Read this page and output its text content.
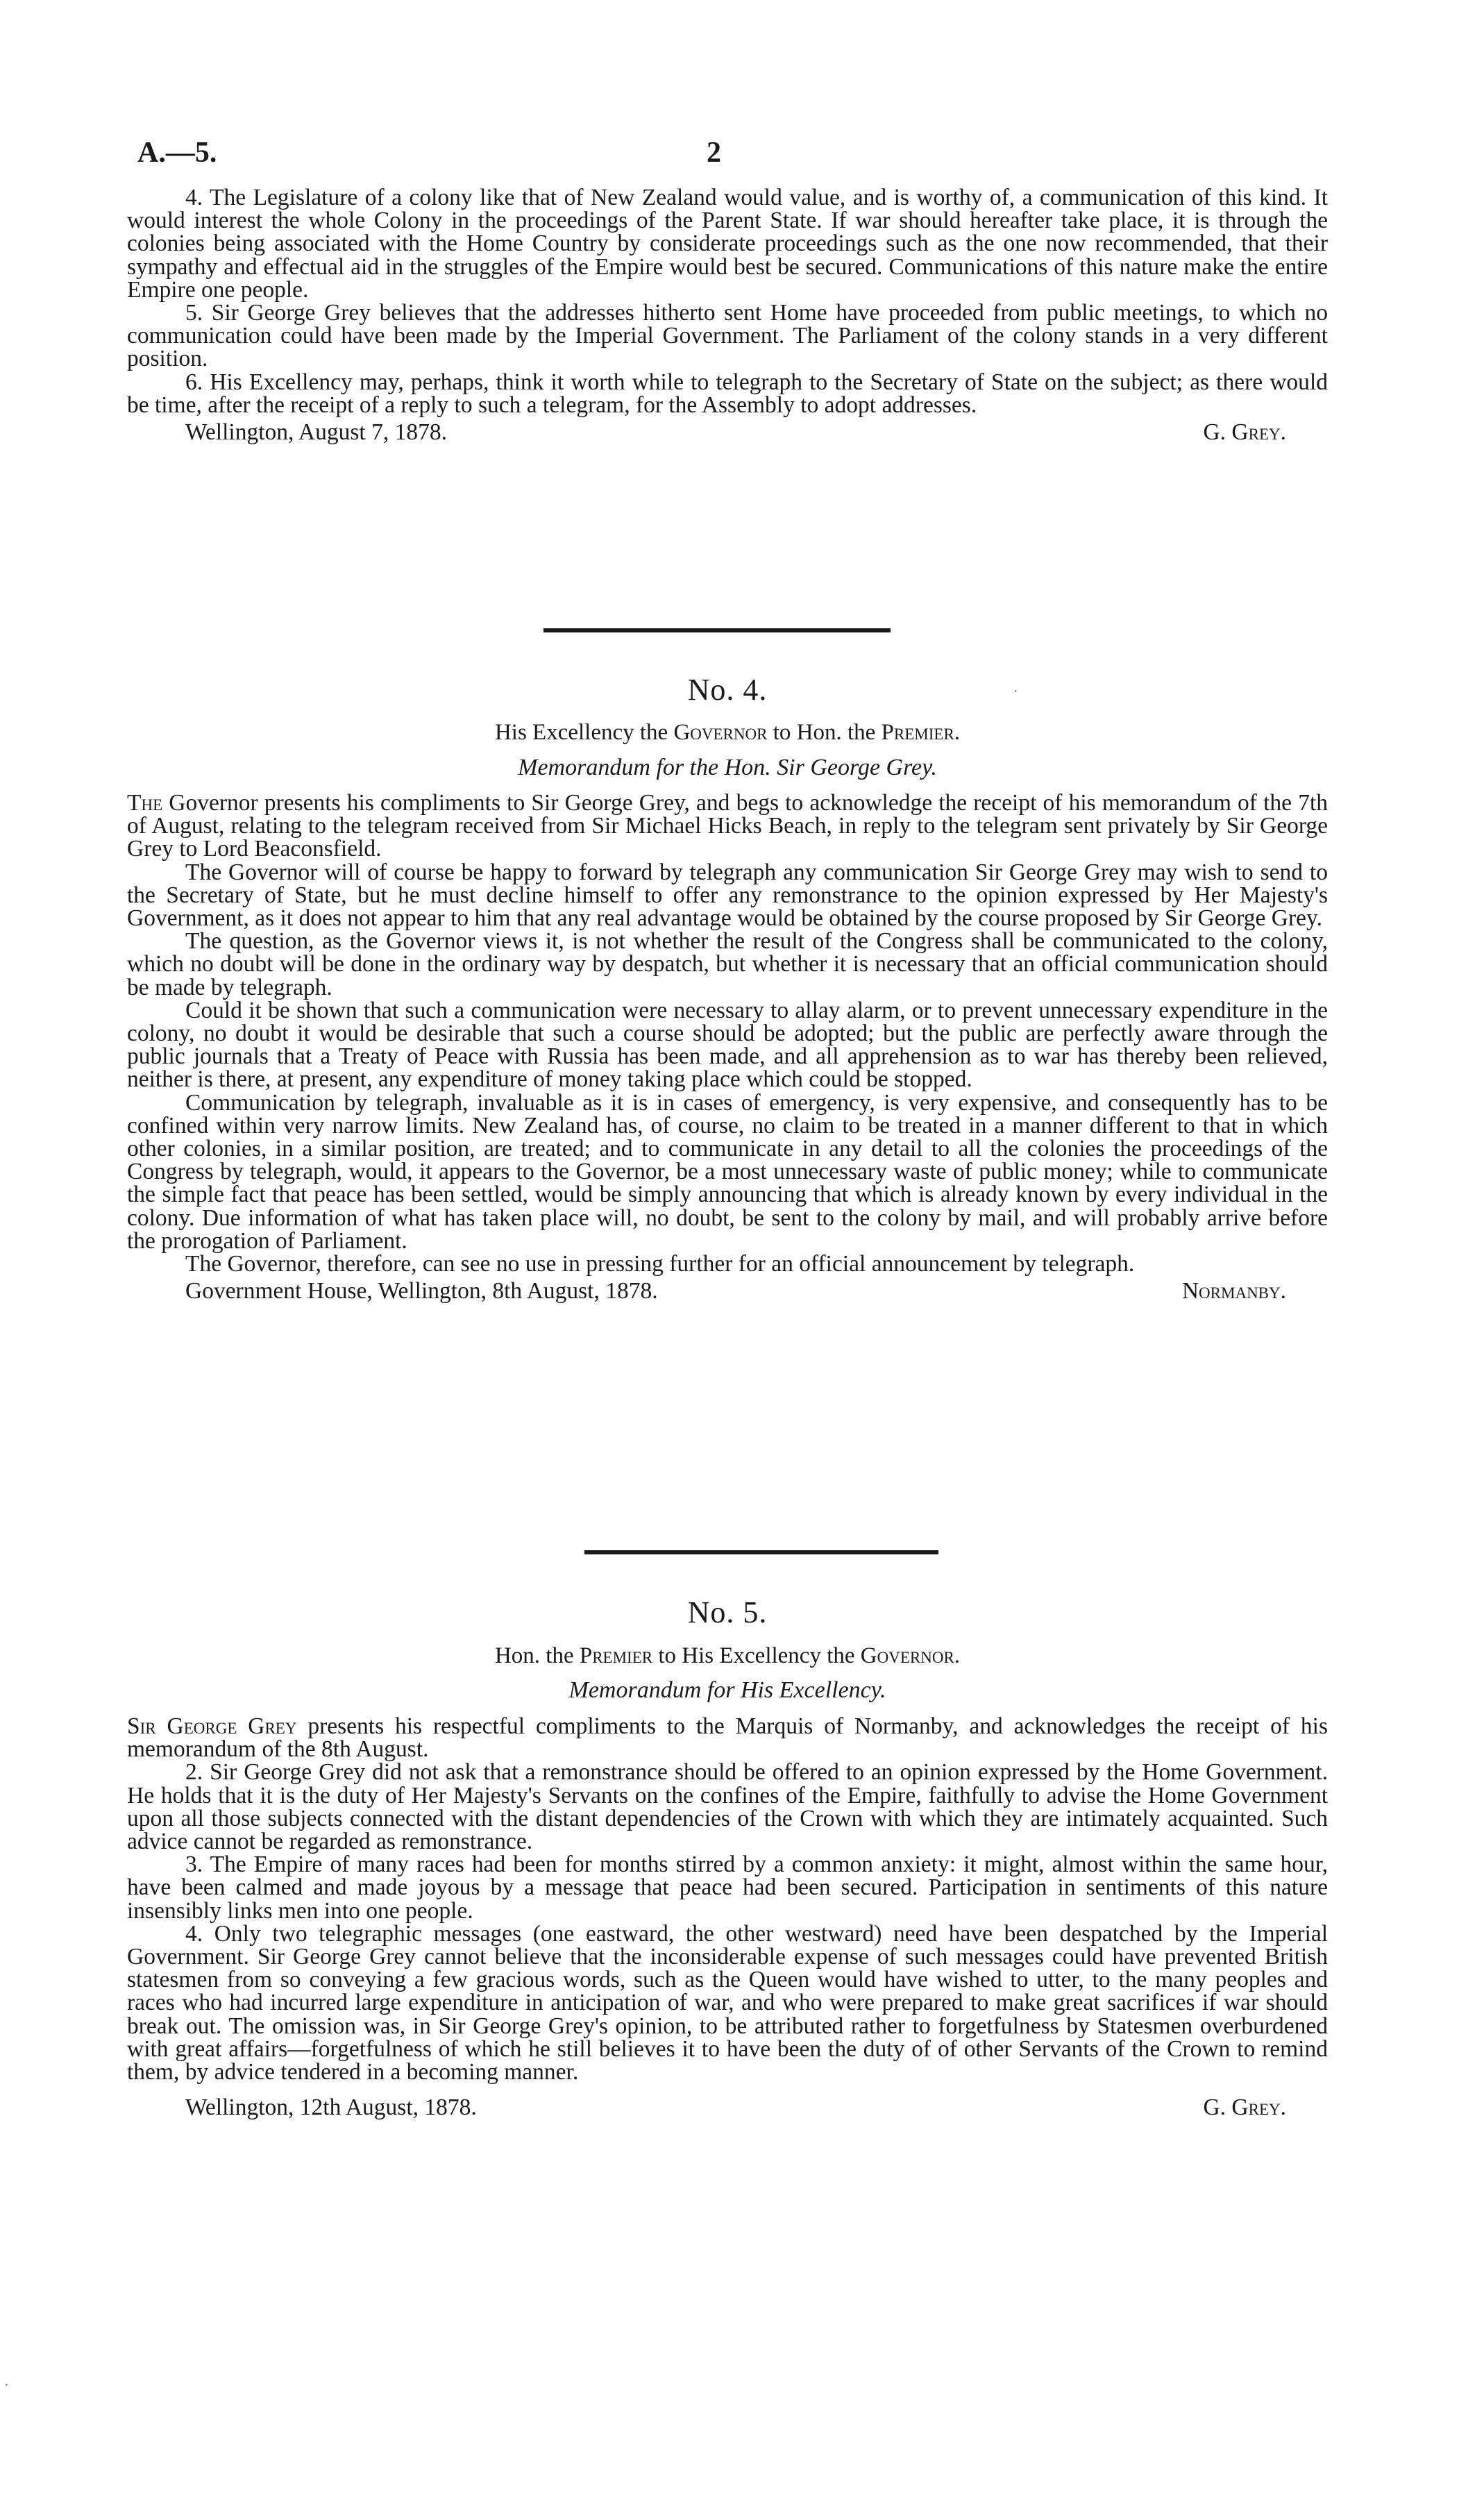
A.—5.	2

4. The Legislature of a colony like that of New Zealand would value, and is worthy of, a communication of this kind. It would interest the whole Colony in the proceedings of the Parent State. If war should hereafter take place, it is through the colonies being associated with the Home Country by considerate proceedings such as the one now recommended, that their sympathy and effectual aid in the struggles of the Empire would best be secured. Communications of this nature make the entire Empire one people.

5. Sir George Grey believes that the addresses hitherto sent Home have proceeded from public meetings, to which no communication could have been made by the Imperial Government. The Parliament of the colony stands in a very different position.

6. His Excellency may, perhaps, think it worth while to telegraph to the Secretary of State on the subject; as there would be time, after the receipt of a reply to such a telegram, for the Assembly to adopt addresses.

Wellington, August 7, 1878.	G. Grey.
No. 4.
His Excellency the Governor to Hon. the Premier.
Memorandum for the Hon. Sir George Grey.

The Governor presents his compliments to Sir George Grey, and begs to acknowledge the receipt of his memorandum of the 7th of August, relating to the telegram received from Sir Michael Hicks Beach, in reply to the telegram sent privately by Sir George Grey to Lord Beaconsfield.

The Governor will of course be happy to forward by telegraph any communication Sir George Grey may wish to send to the Secretary of State, but he must decline himself to offer any remonstrance to the opinion expressed by Her Majesty's Government, as it does not appear to him that any real advantage would be obtained by the course proposed by Sir George Grey.

The question, as the Governor views it, is not whether the result of the Congress shall be communicated to the colony, which no doubt will be done in the ordinary way by despatch, but whether it is necessary that an official communication should be made by telegraph.

Could it be shown that such a communication were necessary to allay alarm, or to prevent unnecessary expenditure in the colony, no doubt it would be desirable that such a course should be adopted; but the public are perfectly aware through the public journals that a Treaty of Peace with Russia has been made, and all apprehension as to war has thereby been relieved, neither is there, at present, any expenditure of money taking place which could be stopped.

Communication by telegraph, invaluable as it is in cases of emergency, is very expensive, and consequently has to be confined within very narrow limits. New Zealand has, of course, no claim to be treated in a manner different to that in which other colonies, in a similar position, are treated; and to communicate in any detail to all the colonies the proceedings of the Congress by telegraph, would, it appears to the Governor, be a most unnecessary waste of public money; while to communicate the simple fact that peace has been settled, would be simply announcing that which is already known by every individual in the colony. Due information of what has taken place will, no doubt, be sent to the colony by mail, and will probably arrive before the prorogation of Parliament.

The Governor, therefore, can see no use in pressing further for an official announcement by telegraph.

Government House, Wellington, 8th August, 1878.	Normanby.
No. 5.
Hon. the Premier to His Excellency the Governor.
Memorandum for His Excellency.

Sir George Grey presents his respectful compliments to the Marquis of Normanby, and acknowledges the receipt of his memorandum of the 8th August.

2. Sir George Grey did not ask that a remonstrance should be offered to an opinion expressed by the Home Government. He holds that it is the duty of Her Majesty's Servants on the confines of the Empire, faithfully to advise the Home Government upon all those subjects connected with the distant dependencies of the Crown with which they are intimately acquainted. Such advice cannot be regarded as remonstrance.

3. The Empire of many races had been for months stirred by a common anxiety: it might, almost within the same hour, have been calmed and made joyous by a message that peace had been secured. Participation in sentiments of this nature insensibly links men into one people.

4. Only two telegraphic messages (one eastward, the other westward) need have been despatched by the Imperial Government. Sir George Grey cannot believe that the inconsiderable expense of such messages could have prevented British statesmen from so conveying a few gracious words, such as the Queen would have wished to utter, to the many peoples and races who had incurred large expenditure in anticipation of war, and who were prepared to make great sacrifices if war should break out. The omission was, in Sir George Grey's opinion, to be attributed rather to forgetfulness by Statesmen overburdened with great affairs—forgetfulness of which he still believes it to have been the duty of of other Servants of the Crown to remind them, by advice tendered in a becoming manner.

Wellington, 12th August, 1878.	G. Grey.
·
·
